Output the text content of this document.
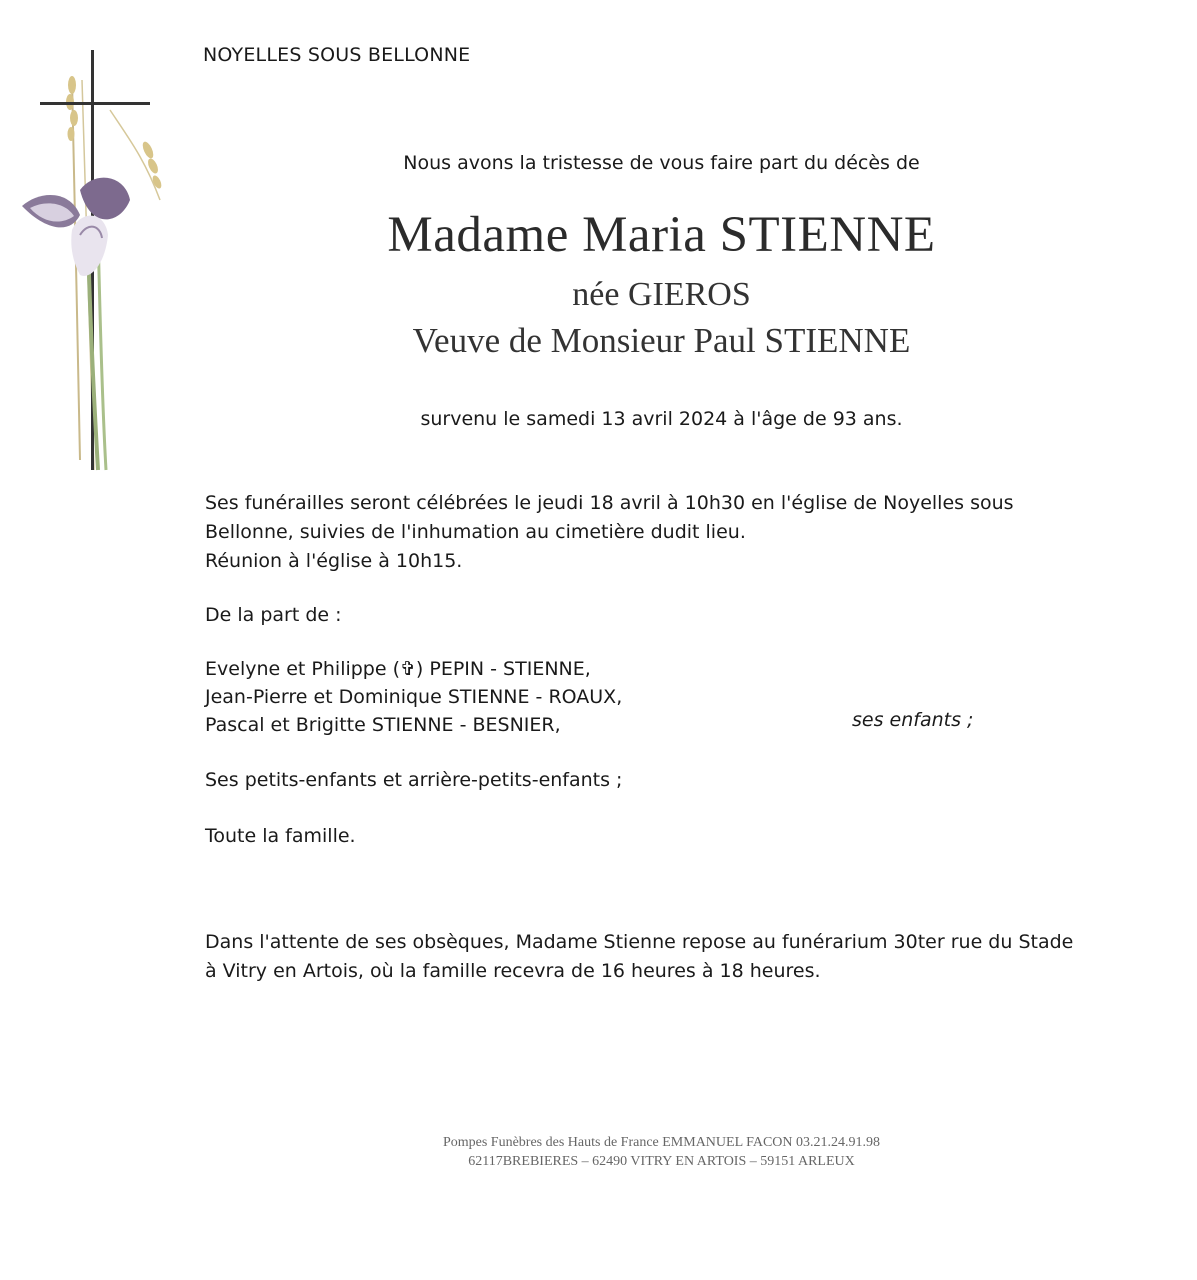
NOYELLES SOUS BELLONNE
Nous avons la tristesse de vous faire part du décès de
Madame Maria STIENNE
née GIEROS
Veuve de Monsieur Paul STIENNE
survenu le samedi 13 avril 2024 à l'âge de 93 ans.
Ses funérailles seront célébrées le jeudi 18 avril à 10h30 en l'église de Noyelles sous
Bellonne, suivies de l'inhumation au cimetière dudit lieu.
Réunion à l'église à 10h15.
De la part de :
Evelyne et Philippe (✞) PEPIN - STIENNE,
Jean-Pierre et Dominique STIENNE - ROAUX,
Pascal et Brigitte STIENNE - BESNIER,	ses enfants ;
Ses petits-enfants et arrière-petits-enfants ;
Toute la famille.
Dans l'attente de ses obsèques, Madame Stienne repose au funérarium 30ter rue du Stade
à Vitry en Artois, où la famille recevra de 16 heures à 18 heures.
Pompes Funèbres des Hauts de France EMMANUEL FACON 03.21.24.91.98
62117BREBIERES – 62490 VITRY EN ARTOIS – 59151 ARLEUX
